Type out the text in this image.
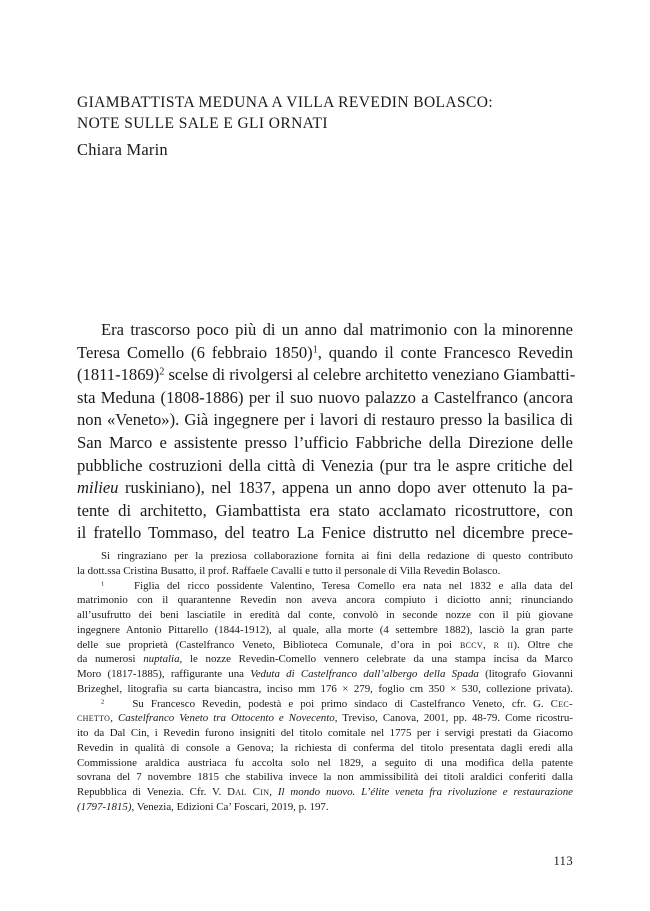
GIAMBATTISTA MEDUNA A VILLA REVEDIN BOLASCO:
NOTE SULLE SALE E GLI ORNATI
Chiara Marin
Era trascorso poco più di un anno dal matrimonio con la minorenne
Teresa Comello (6 febbraio 1850)$^1$, quando il conte Francesco Revedin
(1811-1869)$^2$ scelse di rivolgersi al celebre architetto veneziano Giambatti-
sta Meduna (1808-1886) per il suo nuovo palazzo a Castelfranco (ancora
non «Veneto»). Già ingegnere per i lavori di restauro presso la basilica di
San Marco e assistente presso l’ufficio Fabbriche della Direzione delle
pubbliche costruzioni della città di Venezia (pur tra le aspre critiche del
milieu ruskiniano), nel 1837, appena un anno dopo aver ottenuto la pa-
tente di architetto, Giambattista era stato acclamato ricostruttore, con
il fratello Tommaso, del teatro La Fenice distrutto nel dicembre prece-
Si ringraziano per la preziosa collaborazione fornita ai fini della redazione di questo contributo
la dott.ssa Cristina Busatto, il prof. Raffaele Cavalli e tutto il personale di Villa Revedin Bolasco.
$^1$	Figlia del ricco possidente Valentino, Teresa Comello era nata nel 1832 e alla data del
matrimonio con il quarantenne Revedin non aveva ancora compiuto i diciotto anni; rinunciando
all’usufrutto dei beni lasciatile in eredità dal conte, convolò in seconde nozze con il più giovane
ingegnere Antonio Pittarello (1844-1912), al quale, alla morte (4 settembre 1882), lasciò la gran parte
delle sue proprietà (Castelfranco Veneto, Biblioteca Comunale, d’ora in poi bccv, r ii). Oltre che
da numerosi nuptalia, le nozze Revedin-Comello vennero celebrate da una stampa incisa da Marco
Moro (1817-1885), raffigurante una Veduta di Castelfranco dall’albergo della Spada (litografo Giovanni
Brizeghel, litografia su carta biancastra, inciso mm 176 × 279, foglio cm 350 × 530, collezione privata).
$^2$	Su Francesco Revedin, podestà e poi primo sindaco di Castelfranco Veneto, cfr. G. Cec-
chetto, Castelfranco Veneto tra Ottocento e Novecento, Treviso, Canova, 2001, pp. 48-79. Come ricostru-
ito da Dal Cin, i Revedin furono insigniti del titolo comitale nel 1775 per i servigi prestati da Giacomo
Revedin in qualità di console a Genova; la richiesta di conferma del titolo presentata dagli eredi alla
Commissione araldica austriaca fu accolta solo nel 1829, a seguito di una modifica della patente
sovrana del 7 novembre 1815 che stabiliva invece la non ammissibilità dei titoli araldici conferiti dalla
Repubblica di Venezia. Cfr. V. Dal Cin, Il mondo nuovo. L’élite veneta fra rivoluzione e restaurazione
(1797-1815), Venezia, Edizioni Ca’ Foscari, 2019, p. 197.
113
